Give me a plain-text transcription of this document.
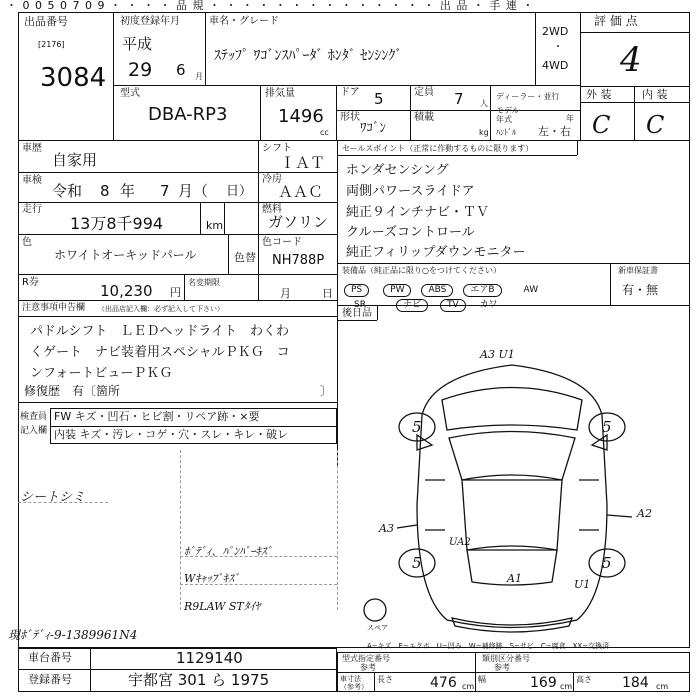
・ 0 0 5 0 7 0 9 ・ ・ ・ ・ 品 規 ・ ・ ・ ・ ・ ・ ・ ・ ・ ・ ・ ・ ・ ・ 出 品 ・ 手 連 ・
出品番号
[2176]
3084
初度登録年月
平成
29 6 月
車名・グレード
ｽﾃｯﾌﾟ ﾜｺﾞﾝｽﾊﾟｰﾀﾞ ﾎﾝﾀﾞ ｾﾝｼﾝｸﾞ
2WD
・
4WD
評 価 点
4
外 装	内 装
C C
型式
DBA-RP3
排気量
1496
cc
ドア 5	定員 7 人
ディーラー・並行
形状
ﾜｺﾞﾝ
積載
kg
モデル 年式	年
ﾊﾝﾄﾞﾙ 左・右
車歴
自家用
シフト
ＩＡＴ
車検
令和 8 年 7 月（ 日）
冷房
ＡＡＣ
走行
13万8千994	km
燃料
ガソリン
色
ホワイトオーキッドパール	色替
色コード
NH788P
R券	10,230 円
名変期限
月	日
セールスポイント（正常に作動するものに限ります）
ホンダセンシング
両側パワースライドア
純正９インチナビ・ＴＶ
クルーズコントロール
純正フィリップダウンモニター
装備品（純正品に限り○をつけてください）	新車保証書
有・無
PS	PW	ABS	エアB	AW
SR	ナビ	TV カワ
注意事項申告欄 （出品店記入欄：必ず記入して下さい）
パドルシフト　ＬＥＤヘッドライト　わくわ
くゲート　ナビ装着用スペシャルＰＫＧ　コ
ンフォートビューＰＫＧ
修復歴 有〔箇所	〕
後日品
検査員
記入欄
FW キズ・凹石・ヒビ割・リペア跡・×要
内装 キズ・汚レ・コゲ・穴・スレ・キレ・破レ
シートシミ
ﾎﾞﾃﾞｨ、ﾊﾟﾝﾊﾟｰｷｽﾞ
Wｷｬｯﾌﾟｷｽﾞ
R9LAW STﾀｲﾔ
現ﾎﾞﾃﾞｨ-9-1389961N4
A3 U1
A3
A2
UA2
A1	U1
5	5
5	5
スペア
A−キズ　E−エクボ　U−凹み　W−補修跡　S−サビ　C−腐食　XX−交換済
車台番号	1129140
登録番号	宇都宮 301 ら 1975
型式指定番号
参考
類別区分番号
参考
車寸法（参考）
長さ	476 cm
幅	169 cm
高さ 184 cm
